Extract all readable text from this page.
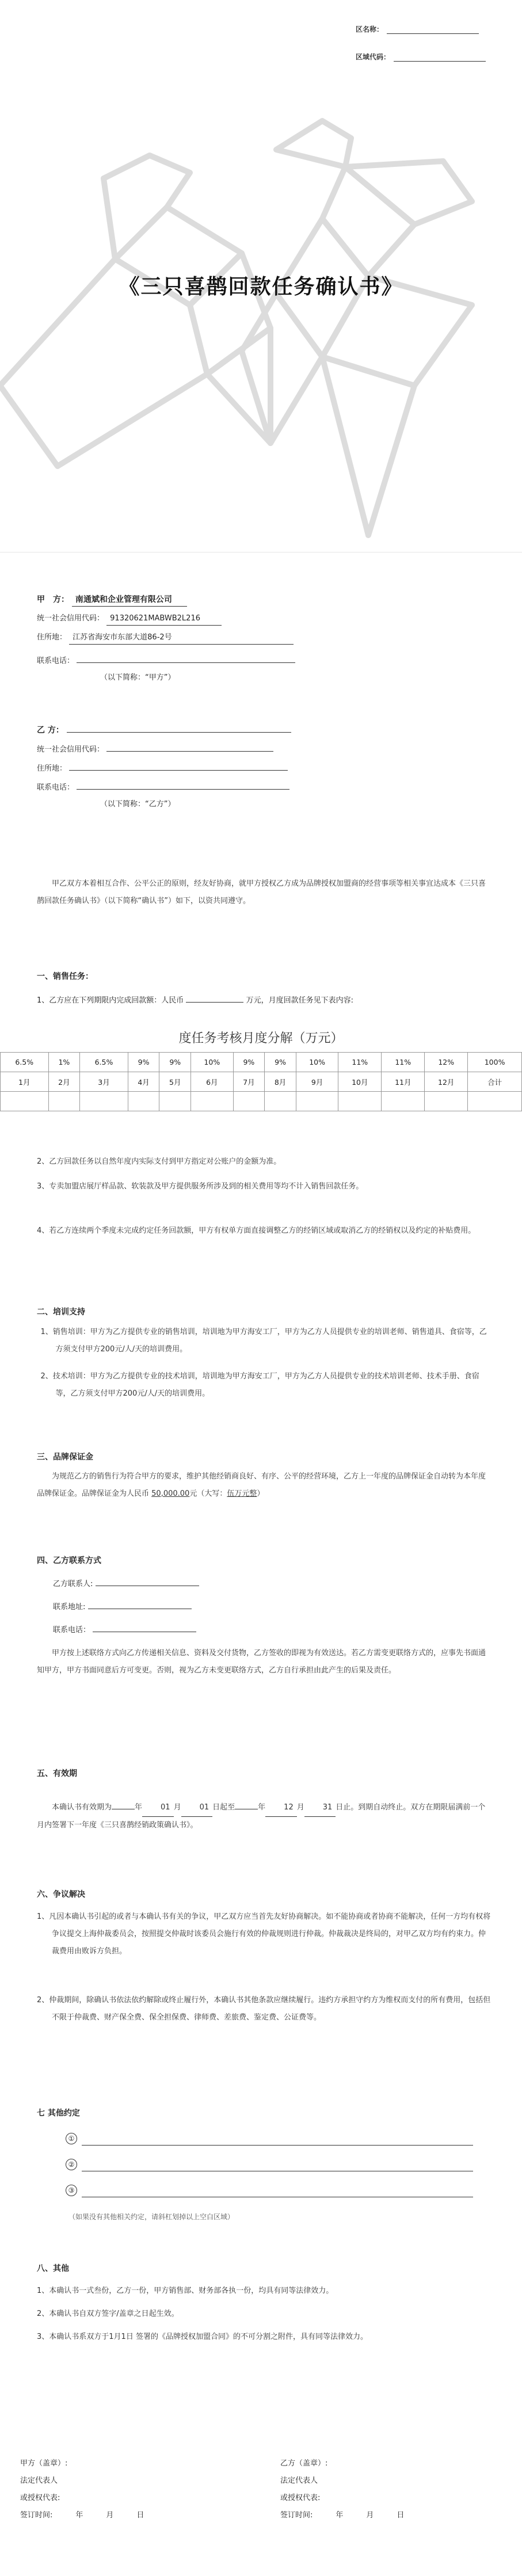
区名称：
区域代码：
《三只喜鹊回款任务确认书》
甲　方： 南通斌和企业管理有限公司
统一社会信用代码： 91320621MABWB2L216
住所地： 江苏省海安市东部大道86-2号
联系电话：
（以下简称：“甲方”）
乙 方：
统一社会信用代码：
住所地：
联系电话：
（以下简称：“乙方”）
甲乙双方本着相互合作、公平公正的原则，经友好协商，就甲方授权乙方成为品牌授权加盟商的经营事项等相关事宜达成本《三只喜鹊回款任务确认书》（以下简称“确认书”）如下，以资共同遵守。
一、销售任务：
1、乙方应在下列期限内完成回款额：人民币	万元，月度回款任务见下表内容:
度任务考核月度分解（万元）
6.5%	1%	6.5%	9%	9%	10%	9%	9%	10%	11%	11%	12%	100%
1月	2月	3月	4月	5月	6月	7月	8月	9月	10月	11月	12月	合计

2、乙方回款任务以自然年度内实际支付到甲方指定对公账户的金额为准。
3、专卖加盟店展厅样品款、软装款及甲方提供服务所涉及到的相关费用等均不计入销售回款任务。
4、若乙方连续两个季度未完成约定任务回款额，甲方有权单方面直接调整乙方的经销区域或取消乙方的经销权以及约定的补贴费用。
二、培训支持
1、销售培训：甲方为乙方提供专业的销售培训，培训地为甲方海安工厂，甲方为乙方人员提供专业的培训老师、销售道具、食宿等，乙方须支付甲方200元/人/天的培训费用。
2、技术培训：甲方为乙方提供专业的技术培训，培训地为甲方海安工厂，甲方为乙方人员提供专业的技术培训老师、技术手册、食宿等，乙方须支付甲方200元/人/天的培训费用。
三、品牌保证金
为规范乙方的销售行为符合甲方的要求，维护其他经销商良好、有序、公平的经营环境，乙方上一年度的品牌保证金自动转为本年度品牌保证金。品牌保证金为人民币 50,000.00元（大写：伍万元整）
四、乙方联系方式
乙方联系人:
联系地址:
联系电话：
甲方按上述联络方式向乙方传递相关信息、资料及交付货物，乙方签收的即视为有效送达。若乙方需变更联络方式的，应事先书面通知甲方，甲方书面同意后方可变更。否则，视为乙方未变更联络方式，乙方自行承担由此产生的后果及责任。
五、有效期
本确认书有效期为	年 01 月 01 日起至	年 12 月 31 日止。到期自动终止。双方在期限届满前一个月内签署下一年度《三只喜鹊经销政策确认书》。
六、争议解决
1、凡因本确认书引起的或者与本确认书有关的争议，甲乙双方应当首先友好协商解决。如不能协商或者协商不能解决，任何一方均有权将争议提交上海仲裁委员会，按照提交仲裁时该委员会施行有效的仲裁规则进行仲裁。仲裁裁决是终局的，对甲乙双方均有约束力。仲裁费用由败诉方负担。
2、仲裁期间，除确认书依法依约解除或终止履行外，本确认书其他条款应继续履行。违约方承担守约方为维权而支付的所有费用，包括但不限于仲裁费、财产保全费、保全担保费、律师费、差旅费、鉴定费、公证费等。
七 其他约定
①
②
③
（如果没有其他相关约定，请斜杠划掉以上空白区域）
八、其他
1、本确认书一式叁份，乙方一份，甲方销售部、财务部各执一份，均具有同等法律效力。
2、本确认书自双方签字/盖章之日起生效。
3、本确认书系双方于1月1日 签署的《品牌授权加盟合同》的不可分割之附件，具有同等法律效力。
甲方（盖章）:
法定代表人
或授权代表:
签订时间:	年	月	日
乙方（盖章）:
法定代表人
或授权代表:
签订时间:	年	月	日
